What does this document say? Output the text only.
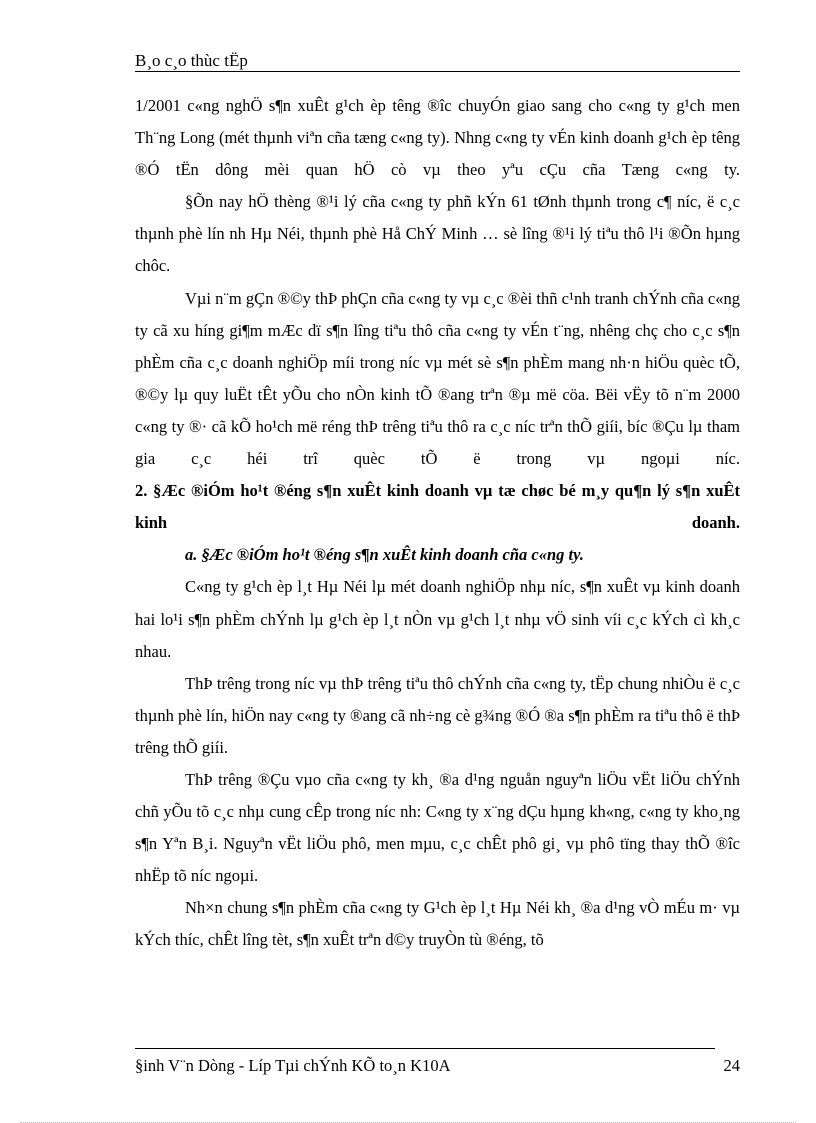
B¸o c¸o thùc tËp

1/2001 c«ng nghÖ s¶n xuÊt g¹ch èp têng ®îc chuyÓn giao sang cho c«ng ty g¹ch men Th¨ng Long (mét thµnh viªn cña tæng c«ng ty). Nhng c«ng ty vÉn kinh doanh g¹ch èp têng ®Ó tËn dông mèi quan hÖ cò vµ theo yªu cÇu cña Tæng c«ng ty.

§Õn nay hÖ thèng ®¹i lý cña c«ng ty phñ kÝn 61 tØnh thµnh trong c¶ níc, ë c¸c thµnh phè lín nh Hµ Néi, thµnh phè Hå ChÝ Minh … sè lîng ®¹i lý tiªu thô l¹i ®Õn hµng chôc.

Vµi n¨m gÇn ®©y thÞ phÇn cña c«ng ty vµ c¸c ®èi thñ c¹nh tranh chÝnh cña c«ng ty cã xu híng gi¶m mÆc dï s¶n lîng tiªu thô cña c«ng ty vÉn t¨ng, nhêng chç cho c¸c s¶n phÈm cña c¸c doanh nghiÖp míi trong níc vµ mét sè s¶n phÈm mang nh·n hiÖu quèc tÕ, ®©y lµ quy luËt tÊt yÕu cho nÒn kinh tÕ ®ang trªn ®µ më cöa. Bëi vËy tõ n¨m 2000 c«ng ty ®· cã kÕ ho¹ch më réng thÞ trêng tiªu thô ra c¸c níc trªn thÕ giíi, bíc ®Çu lµ tham gia c¸c héi trî quèc tÕ ë trong vµ ngoµi níc.

2. §Æc ®iÓm ho¹t ®éng s¶n xuÊt kinh doanh vµ tæ chøc bé m¸y qu¶n lý s¶n xuÊt kinh doanh.

a. §Æc ®iÓm ho¹t ®éng s¶n xuÊt kinh doanh cña c«ng ty.

C«ng ty g¹ch èp l¸t Hµ Néi lµ mét doanh nghiÖp nhµ níc, s¶n xuÊt vµ kinh doanh hai lo¹i s¶n phÈm chÝnh lµ g¹ch èp l¸t nÒn vµ g¹ch l¸t nhµ vÖ sinh víi c¸c kÝch cì kh¸c nhau.

ThÞ trêng trong níc vµ thÞ trêng tiªu thô chÝnh cña c«ng ty, tËp chung nhiÒu ë c¸c thµnh phè lín, hiÖn nay c«ng ty ®ang cã nh÷ng cè g¾ng ®Ó ®a s¶n phÈm ra tiªu thô ë thÞ trêng thÕ giíi.

ThÞ trêng ®Çu vµo cña c«ng ty kh¸ ®a d¹ng nguån nguyªn liÖu vËt liÖu chÝnh chñ yÕu tõ c¸c nhµ cung cÊp trong níc nh: C«ng ty x¨ng dÇu hµng kh«ng, c«ng ty kho¸ng s¶n Yªn B¸i. Nguyªn vËt liÖu phô, men mµu, c¸c chÊt phô gi¸ vµ phô tïng thay thÕ ®îc nhËp tõ níc ngoµi.

Nh×n chung s¶n phÈm cña c«ng ty G¹ch èp l¸t Hµ Néi kh¸ ®a d¹ng vÒ mÉu m· vµ kÝch thíc, chÊt lîng tèt, s¶n xuÊt trªn d©y truyÒn tù ®éng, tõ

§inh V¨n Dòng - Líp Tµi chÝnh KÕ to¸n K10A	24
